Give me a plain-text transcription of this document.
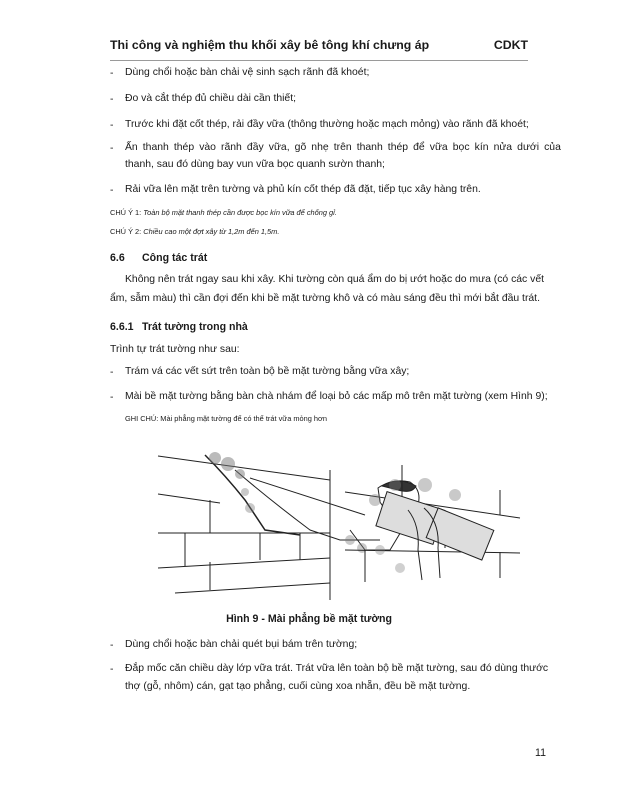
Thi công và nghiệm thu khối xây bê tông khí chưng áp	CDKT
- Dùng chổi hoặc bàn chải vệ sinh sạch rãnh đã khoét;
- Đo và cắt thép đủ chiều dài cần thiết;
- Trước khi đặt cốt thép, rải đầy vữa (thông thường hoặc mạch mỏng) vào rãnh đã khoét;
- Ấn thanh thép vào rãnh đầy vữa, gõ nhẹ trên thanh thép để vữa bọc kín nửa dưới của
thanh, sau đó dùng bay vun vữa bọc quanh sườn thanh;
- Rải vữa lên mặt trên tường và phủ kín cốt thép đã đặt, tiếp tục xây hàng trên.
CHÚ Ý 1: Toàn bộ mặt thanh thép cần được bọc kín vữa để chống gỉ.
CHÚ Ý 2: Chiều cao một đợt xây từ 1,2m đến 1,5m.
6.6 Công tác trát
Không nên trát ngay sau khi xây. Khi tường còn quá ẩm do bị ướt hoặc do mưa (có các vết
ẩm, sẫm màu) thì cần đợi đến khi bề mặt tường khô và có màu sáng đều thì mới bắt đầu trát.
6.6.1 Trát tường trong nhà
Trình tự trát tường như sau:
- Trám vá các vết sứt trên toàn bộ bề mặt tường bằng vữa xây;
- Mài bề mặt tường bằng bàn chà nhám để loại bỏ các mấp mô trên mặt tường (xem Hình 9);
GHI CHÚ: Mài phẳng mặt tường để có thể trát vữa mỏng hơn
Hình 9 - Mài phẳng bề mặt tường
- Dùng chổi hoặc bàn chải quét bụi bám trên tường;
- Đắp mốc căn chiều dày lớp vữa trát. Trát vữa lên toàn bộ bề mặt tường, sau đó dùng thước
thợ (gỗ, nhôm) cán, gạt tạo phẳng, cuối cùng xoa nhẵn, đều bề mặt tường.
11
